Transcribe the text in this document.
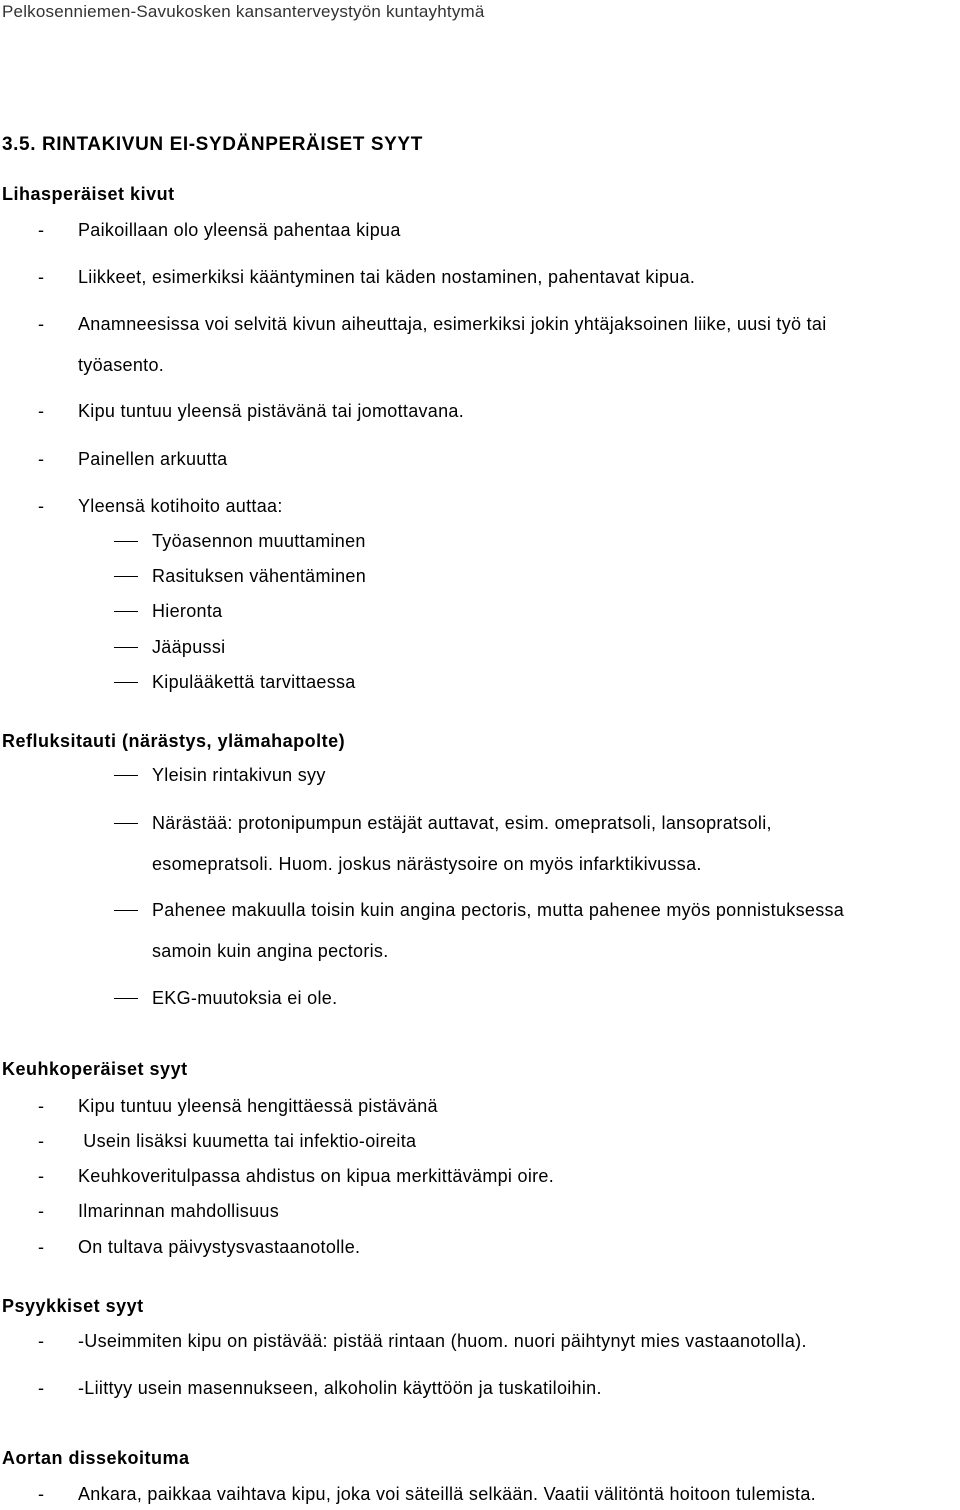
Pelkosenniemen-Savukosken kansanterveystyön kuntayhtymä
3.5. RINTAKIVUN EI-SYDÄNPERÄISET SYYT
Lihasperäiset kivut
- Paikoillaan olo yleensä pahentaa kipua
- Liikkeet, esimerkiksi kääntyminen tai käden nostaminen, pahentavat kipua.
- Anamneesissa voi selvitä kivun aiheuttaja, esimerkiksi jokin yhtäjaksoinen liike, uusi työ tai
työasento.
- Kipu tuntuu yleensä pistävänä tai jomottavana.
- Painellen arkuutta
- Yleensä kotihoito auttaa:
Työasennon muuttaminen
Rasituksen vähentäminen
Hieronta
Jääpussi
Kipulääkettä tarvittaessa
Refluksitauti (närästys, ylämahapolte)
Yleisin rintakivun syy
Närästää: protonipumpun estäjät auttavat, esim. omepratsoli, lansopratsoli,
esomepratsoli. Huom. joskus närästysoire on myös infarktikivussa.
Pahenee makuulla toisin kuin angina pectoris, mutta pahenee myös ponnistuksessa
samoin kuin angina pectoris.
EKG-muutoksia ei ole.
Keuhkoperäiset syyt
- Kipu tuntuu yleensä hengittäessä pistävänä
- Usein lisäksi kuumetta tai infektio-oireita
- Keuhkoveritulpassa ahdistus on kipua merkittävämpi oire.
- Ilmarinnan mahdollisuus
- On tultava päivystysvastaanotolle.
Psyykkiset syyt
- -Useimmiten kipu on pistävää: pistää rintaan (huom. nuori päihtynyt mies vastaanotolla).
- -Liittyy usein masennukseen, alkoholin käyttöön ja tuskatiloihin.
Aortan dissekoituma
- Ankara, paikkaa vaihtava kipu, joka voi säteillä selkään. Vaatii välitöntä hoitoon tulemista.
